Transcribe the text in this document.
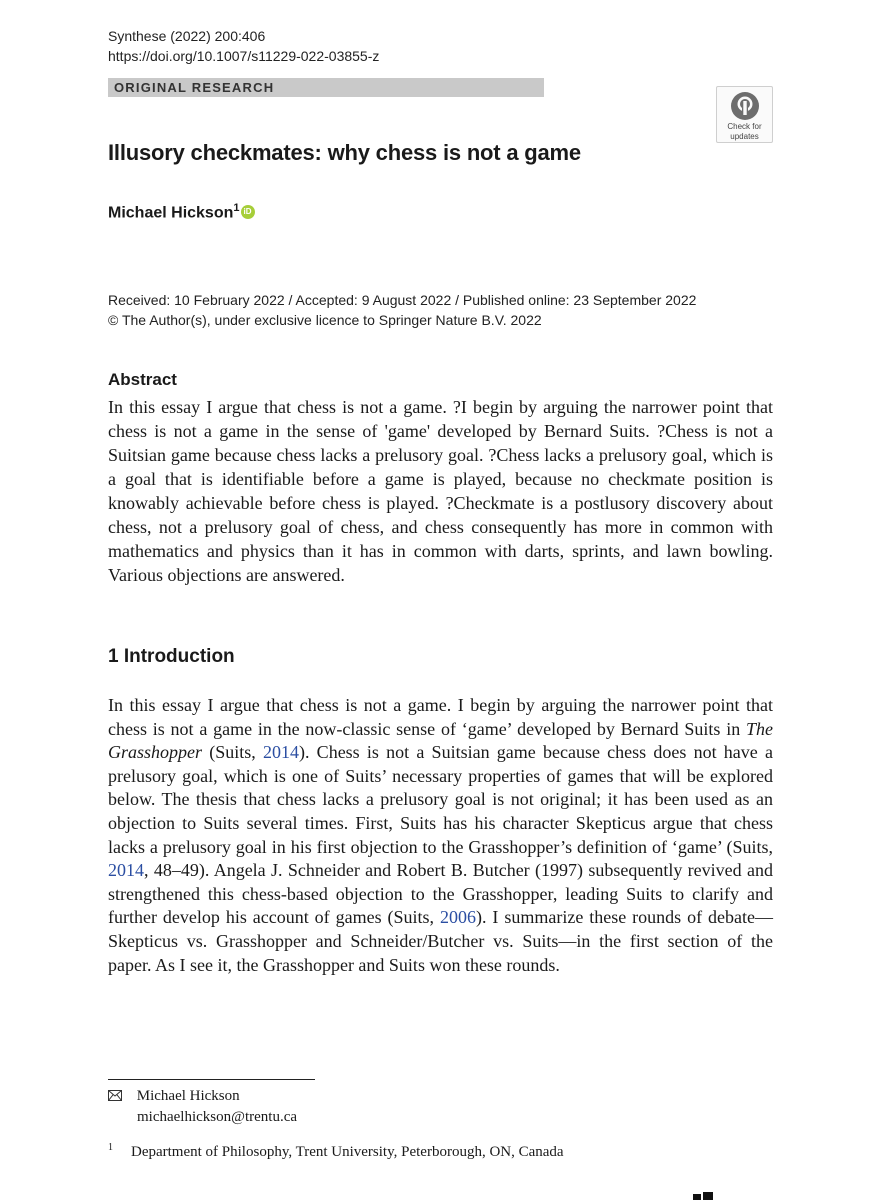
Synthese (2022) 200:406
https://doi.org/10.1007/s11229-022-03855-z
ORIGINAL RESEARCH
Check for
updates
Illusory checkmates: why chess is not a game
Michael Hickson$^1$ iD
Received: 10 February 2022 / Accepted: 9 August 2022 / Published online: 23 September 2022
© The Author(s), under exclusive licence to Springer Nature B.V. 2022
Abstract
In this essay I argue that chess is not a game. ?I begin by arguing the narrower point that chess is not a game in the sense of 'game' developed by Bernard Suits. ?Chess is not a Suitsian game because chess lacks a prelusory goal. ?Chess lacks a prelusory goal, which is a goal that is identifiable before a game is played, because no checkmate position is knowably achievable before chess is played. ?Checkmate is a postlusory discovery about chess, not a prelusory goal of chess, and chess consequently has more in common with mathematics and physics than it has in common with darts, sprints, and lawn bowling. Various objections are answered.
1 Introduction
In this essay I argue that chess is not a game. I begin by arguing the narrower point that chess is not a game in the now-classic sense of ‘game’ developed by Bernard Suits in The Grasshopper (Suits, 2014). Chess is not a Suitsian game because chess does not have a prelusory goal, which is one of Suits’ necessary properties of games that will be explored below. The thesis that chess lacks a prelusory goal is not original; it has been used as an objection to Suits several times. First, Suits has his character Skepticus argue that chess lacks a prelusory goal in his first objection to the Grasshopper’s definition of ‘game’ (Suits, 2014, 48–49). Angela J. Schneider and Robert B. Butcher (1997) subsequently revived and strengthened this chess-based objection to the Grasshopper, leading Suits to clarify and further develop his account of games (Suits, 2006). I summarize these rounds of debate—Skepticus vs. Grasshopper and Schneider/Butcher vs. Suits—in the first section of the paper. As I see it, the Grasshopper and Suits won these rounds.
Michael Hickson
michaelhickson@trentu.ca
$^1$ Department of Philosophy, Trent University, Peterborough, ON, Canada
